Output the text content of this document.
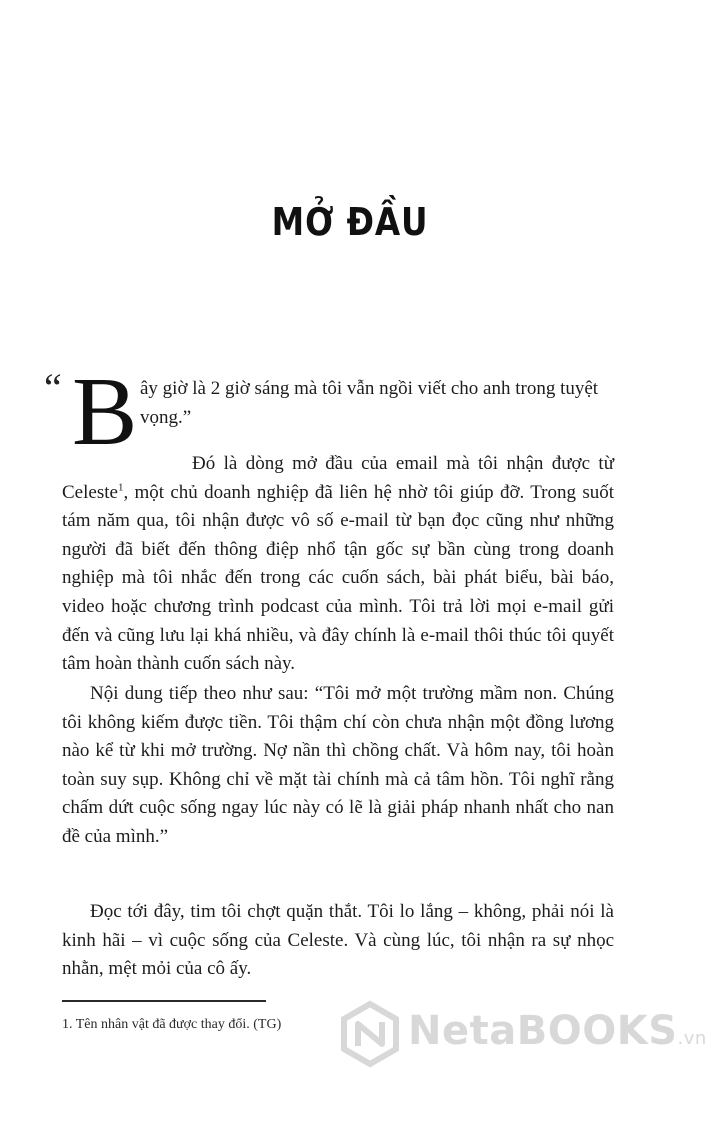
MỞ ĐẦU
“ B ây giờ là 2 giờ sáng mà tôi vẫn ngồi viết cho anh trong tuyệt
vọng.”

Đó là dòng mở đầu của email mà tôi nhận được từ Celeste$^1$, một chủ doanh nghiệp đã liên hệ nhờ tôi giúp đỡ. Trong suốt tám năm qua, tôi nhận được vô số e-mail từ bạn đọc cũng như những người đã biết đến thông điệp nhổ tận gốc sự bần cùng trong doanh nghiệp mà tôi nhắc đến trong các cuốn sách, bài phát biểu, bài báo, video hoặc chương trình podcast của mình. Tôi trả lời mọi e-mail gửi đến và cũng lưu lại khá nhiều, và đây chính là e-mail thôi thúc tôi quyết tâm hoàn thành cuốn sách này.

Nội dung tiếp theo như sau: “Tôi mở một trường mầm non. Chúng tôi không kiếm được tiền. Tôi thậm chí còn chưa nhận một đồng lương nào kể từ khi mở trường. Nợ nần thì chồng chất. Và hôm nay, tôi hoàn toàn suy sụp. Không chỉ về mặt tài chính mà cả tâm hồn. Tôi nghĩ rằng chấm dứt cuộc sống ngay lúc này có lẽ là giải pháp nhanh nhất cho nan đề của mình.”

Đọc tới đây, tim tôi chợt quặn thắt. Tôi lo lắng – không, phải nói là kinh hãi – vì cuộc sống của Celeste. Và cùng lúc, tôi nhận ra sự nhọc nhằn, mệt mỏi của cô ấy.

1. Tên nhân vật đã được thay đổi. (TG)	NetaBOOKS.vn
